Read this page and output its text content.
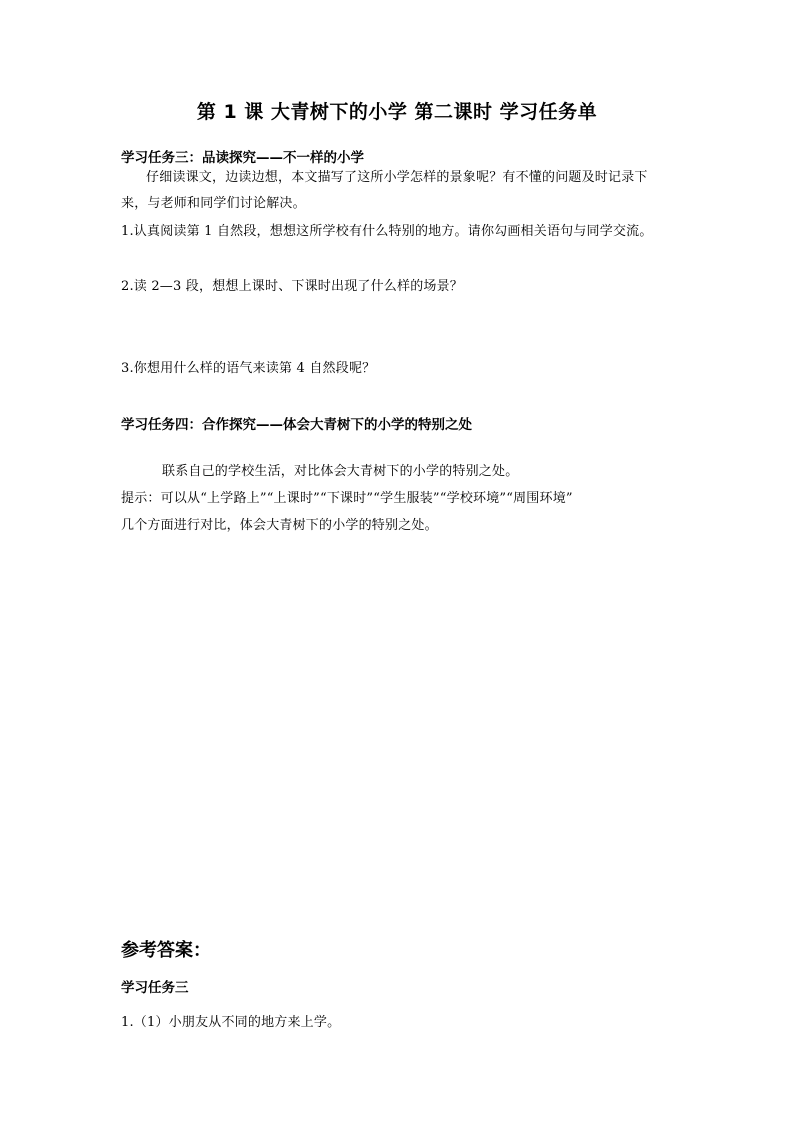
第 1 课 大青树下的小学 第二课时 学习任务单
学习任务三：品读探究——不一样的小学
仔细读课文，边读边想，本文描写了这所小学怎样的景象呢？有不懂的问题及时记录下
来，与老师和同学们讨论解决。
1.认真阅读第 1 自然段，想想这所学校有什么特别的地方。请你勾画相关语句与同学交流。
2.读 2—3 段，想想上课时、下课时出现了什么样的场景？
3.你想用什么样的语气来读第 4 自然段呢？
学习任务四：合作探究——体会大青树下的小学的特别之处
联系自己的学校生活，对比体会大青树下的小学的特别之处。
提示：可以从“上学路上”“上课时”“下课时”“学生服装”“学校环境”“周围环境”
几个方面进行对比，体会大青树下的小学的特别之处。
参考答案：
学习任务三
1.（1）小朋友从不同的地方来上学。
